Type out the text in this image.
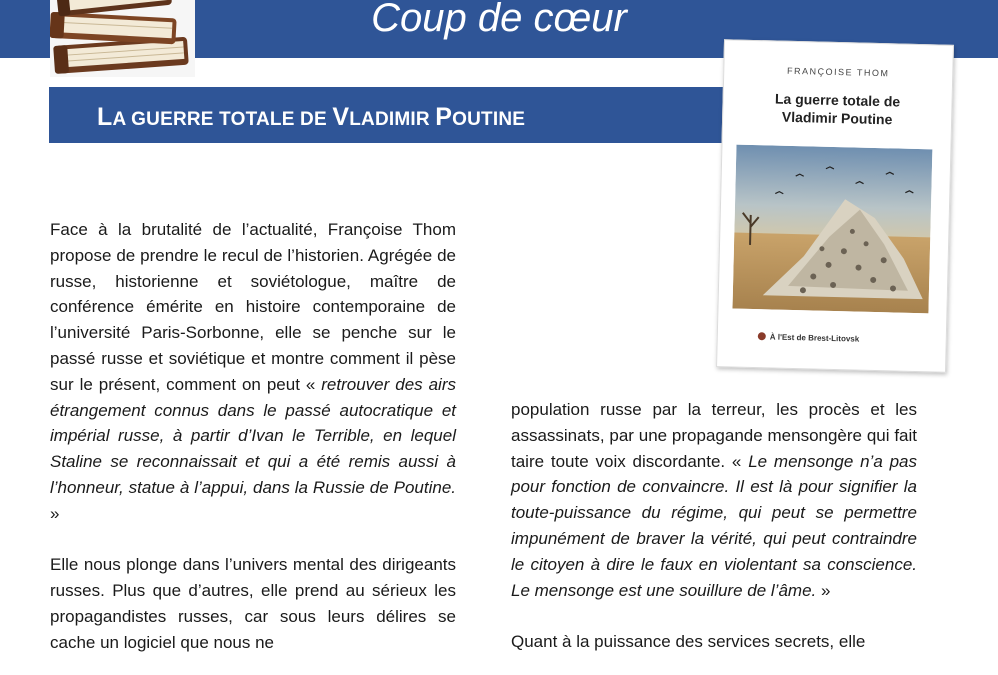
Coup de cœur
LA GUERRE TOTALE DE VLADIMIR POUTINE
FRANÇOISE THOM
La guerre totale de
Vladimir Poutine
À l'Est de Brest-Litovsk

Face à la brutalité de l’actualité, Françoise Thom propose de prendre le recul de l’historien. Agrégée de russe, historienne et soviétologue, maître de conférence émérite en histoire contemporaine de l’université Paris-Sorbonne, elle se penche sur le passé russe et soviétique et montre comment il pèse sur le présent, comment on peut « retrouver des airs étrangement connus dans le passé autocratique et impérial russe, à partir d’Ivan le Terrible, en lequel Staline se reconnaissait et qui a été remis aussi à l’honneur, statue à l’appui, dans la Russie de Poutine. »

Elle nous plonge dans l’univers mental des dirigeants russes. Plus que d’autres, elle prend au sérieux les propagandistes russes, car sous leurs délires se cache un logiciel que nous ne

population russe par la terreur, les procès et les assassinats, par une propagande mensongère qui fait taire toute voix discordante. « Le mensonge n’a pas pour fonction de convaincre. Il est là pour signifier la toute-puissance du régime, qui peut se permettre impunément de braver la vérité, qui peut contraindre le citoyen à dire le faux en violentant sa conscience. Le mensonge est une souillure de l’âme. »

Quant à la puissance des services secrets, elle
